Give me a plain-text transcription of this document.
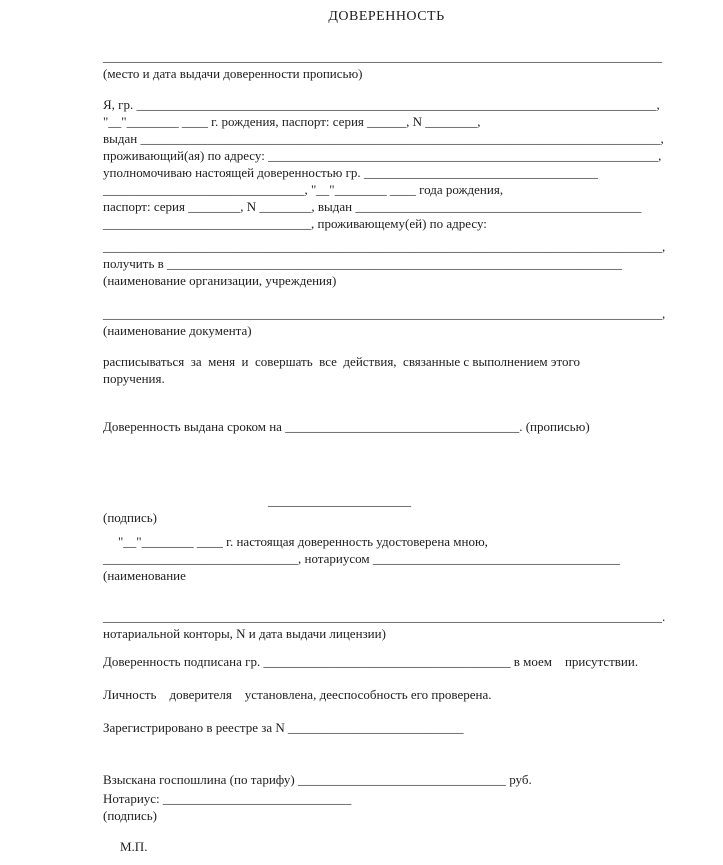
ДОВЕРЕННОСТЬ

______________________________________________________________________________________

(место и дата выдачи доверенности прописью)

Я, гр. ________________________________________________________________________________,

"__"________ ____ г. рождения, паспорт: серия ______, N ________,

выдан ________________________________________________________________________________,

проживающий(ая) по адресу: ____________________________________________________________,

уполномочиваю настоящей доверенностью гр. ____________________________________

_______________________________, "__"________ ____ года рождения,

паспорт: серия ________, N ________, выдан ____________________________________________

________________________________, проживающему(ей) по адресу:

______________________________________________________________________________________,

получить в ______________________________________________________________________

(наименование организации, учреждения)

______________________________________________________________________________________,

(наименование документа)

расписываться  за  меня  и  совершать  все  действия,  связанные с выполнением этого

поручения.

Доверенность выдана сроком на ____________________________________. (прописью)

______________________

(подпись)

"__"________ ____ г. настоящая доверенность удостоверена мною,

______________________________, нотариусом ______________________________________

(наименование

______________________________________________________________________________________.

нотариальной конторы, N и дата выдачи лицензии)

Доверенность подписана гр. ______________________________________ в моем    присутствии.

Личность    доверителя    установлена, дееспособность его проверена.

Зарегистрировано в реестре за N ___________________________

Взыскана госпошлина (по тарифу) ________________________________ руб.

Нотариус: _____________________________

(подпись)

М.П.
